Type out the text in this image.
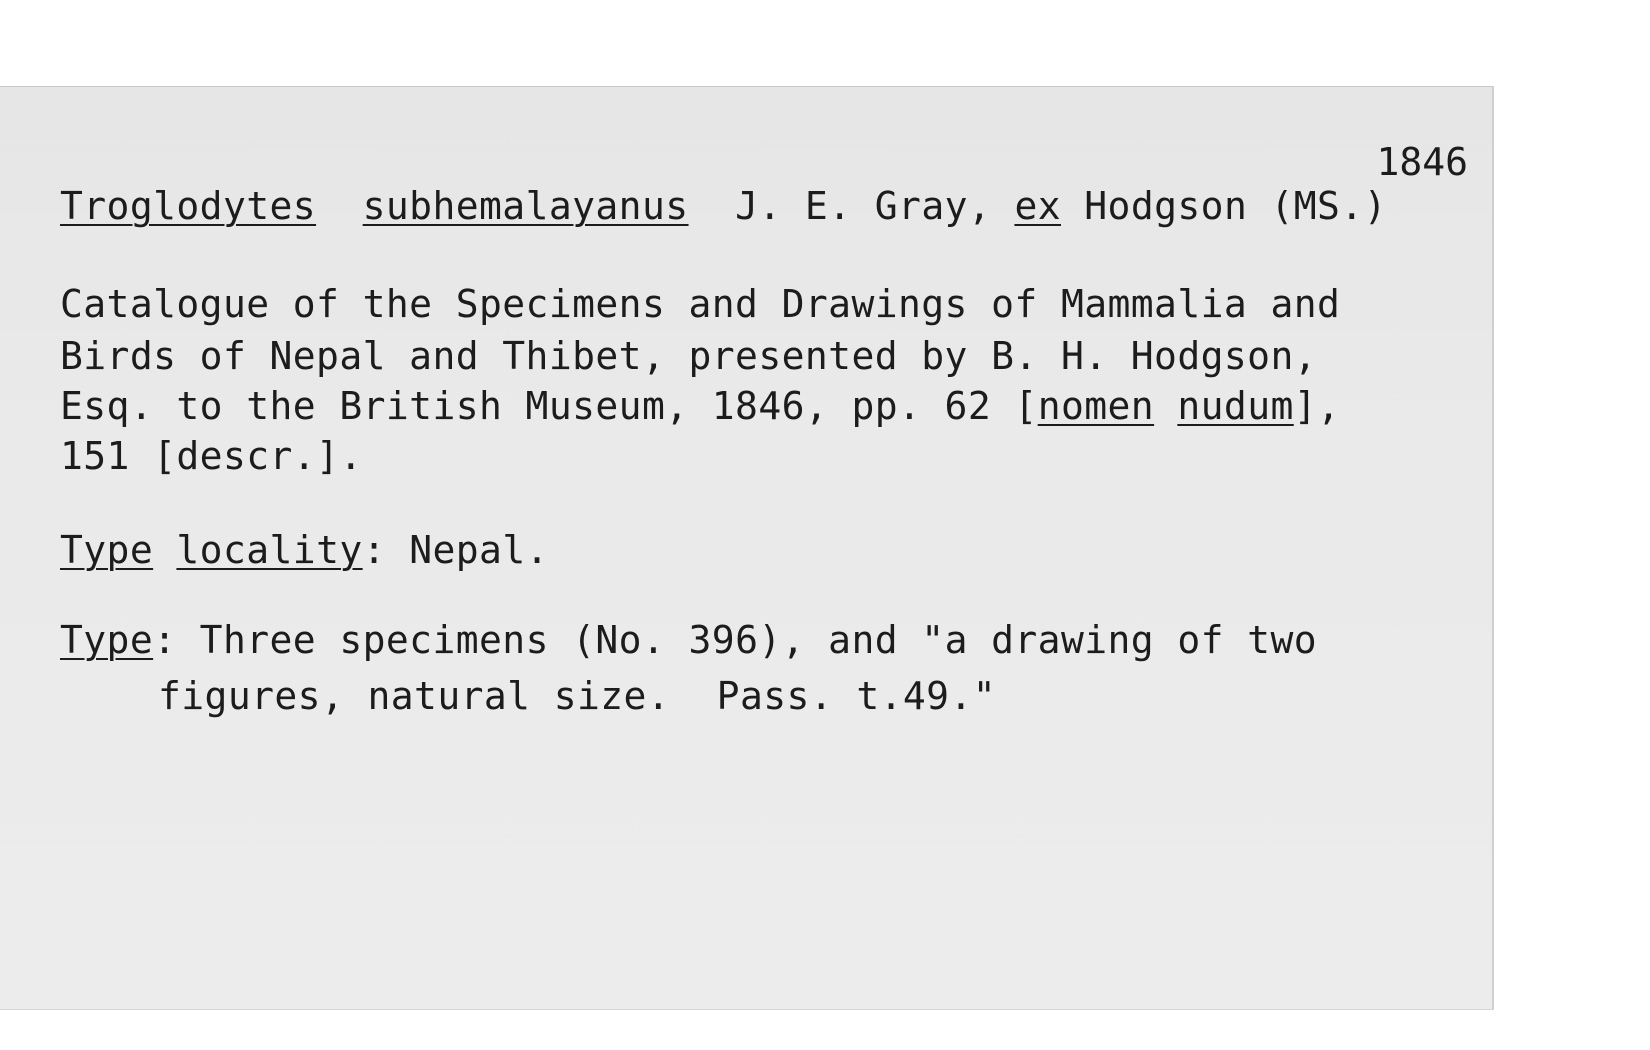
1846
Troglodytes subhemalayanus J. E. Gray, ex Hodgson (MS.)
Catalogue of the Specimens and Drawings of Mammalia and
Birds of Nepal and Thibet, presented by B. H. Hodgson,
Esq. to the British Museum, 1846, pp. 62 [nomen nudum],
151 [descr.].
Type locality: Nepal.
Type: Three specimens (No. 396), and "a drawing of two
figures, natural size.  Pass. t.49."
